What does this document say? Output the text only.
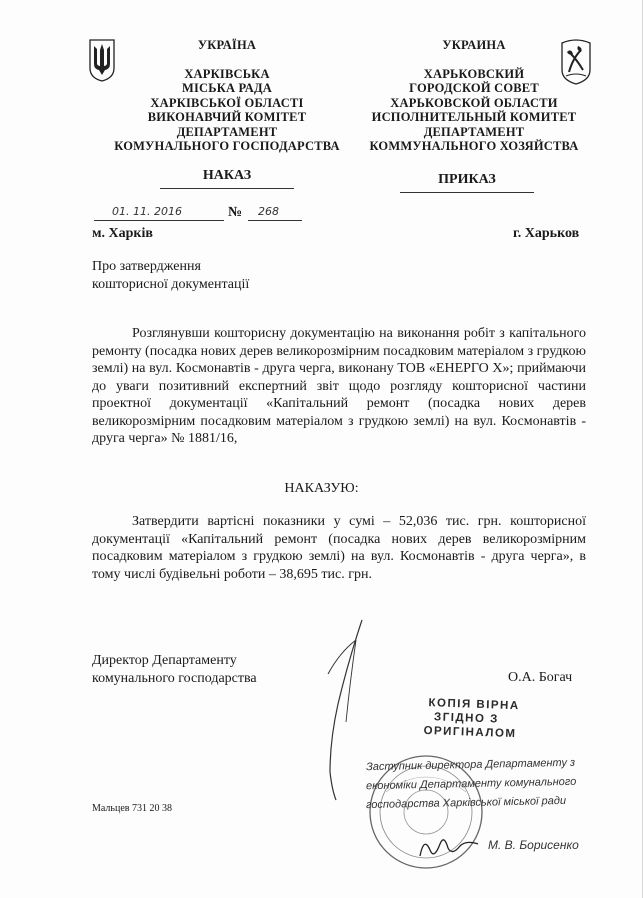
УКРАЇНА
ХАРКІВСЬКА
МІСЬКА РАДА
ХАРКІВСЬКОЇ ОБЛАСТІ
ВИКОНАВЧИЙ КОМІТЕТ
ДЕПАРТАМЕНТ
КОМУНАЛЬНОГО ГОСПОДАРСТВА
УКРАИНА
ХАРЬКОВСКИЙ
ГОРОДСКОЙ СОВЕТ
ХАРЬКОВСКОЙ ОБЛАСТИ
ИСПОЛНИТЕЛЬНЫЙ КОМИТЕТ
ДЕПАРТАМЕНТ
КОММУНАЛЬНОГО ХОЗЯЙСТВА
НАКАЗ	ПРИКАЗ
01. 11. 2016	№ 268
м. Харків	г. Харьков
Про затвердження
кошторисної документації
Розглянувши кошторисну документацію на виконання робіт з капітального ремонту (посадка нових дерев великорозмірним посадковим матеріалом з грудкою землі) на вул. Космонавтів - друга черга, виконану ТОВ «ЕНЕРГО Х»; приймаючи до уваги позитивний експертний звіт щодо розгляду кошторисної частини проектної документації «Капітальний ремонт (посадка нових дерев великорозмірним посадковим матеріалом з грудкою землі) на вул. Космонавтів - друга черга» № 1881/16,
НАКАЗУЮ:
Затвердити вартісні показники у сумі – 52,036 тис. грн. кошторисної документації «Капітальний ремонт (посадка нових дерев великорозмірним посадковим матеріалом з грудкою землі) на вул. Космонавтів - друга черга», в тому числі будівельні роботи – 38,695 тис. грн.
Директор Департаменту
комунального господарства	О.А. Богач
КОПІЯ ВІРНА
ЗГІДНО З
ОРИГІНАЛОМ
Заступник директора Департаменту з
економіки Департаменту комунального
господарства Харківської міської ради
М. В. Борисенко
Мальцев 731 20 38
